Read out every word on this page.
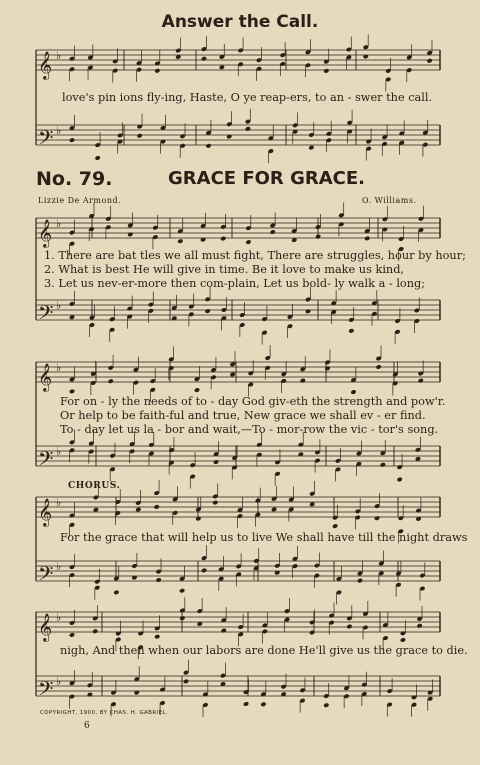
𝄞 ♭
𝄢 ♭
𝄞 ♭
𝄢 ♭
𝄞 ♭
𝄢 ♭
𝄞 ♭
𝄢 ♭
𝄞 ♭
𝄢 ♭
Answer the Call.
love's pin ions fly-ing, Haste, O ye reap-ers, to an - swer the call.
No. 79.	GRACE FOR GRACE.
Lizzie De Armond.	O. Williams.
1. There are bat tles we all must fight, There are struggles, hour by hour;
2. What is best He will give in time. Be it love to make us kind,
3. Let us nev-er-more then com-plain, Let us bold- ly walk a - long;
For on - ly the needs of to - day God giv-eth the strength and pow'r.
Or help to be faith-ful and true, New grace we shall ev - er find.
To - day let us la - bor and wait,—To - mor-row the vic - tor's song.
CHORUS.
For the grace that will help us to live We shall have till the night draws
nigh, And then when our labors are done He'll give us the grace to die.
COPYRIGHT, 1900, BY CHAS. H. GABRIEL.
6
